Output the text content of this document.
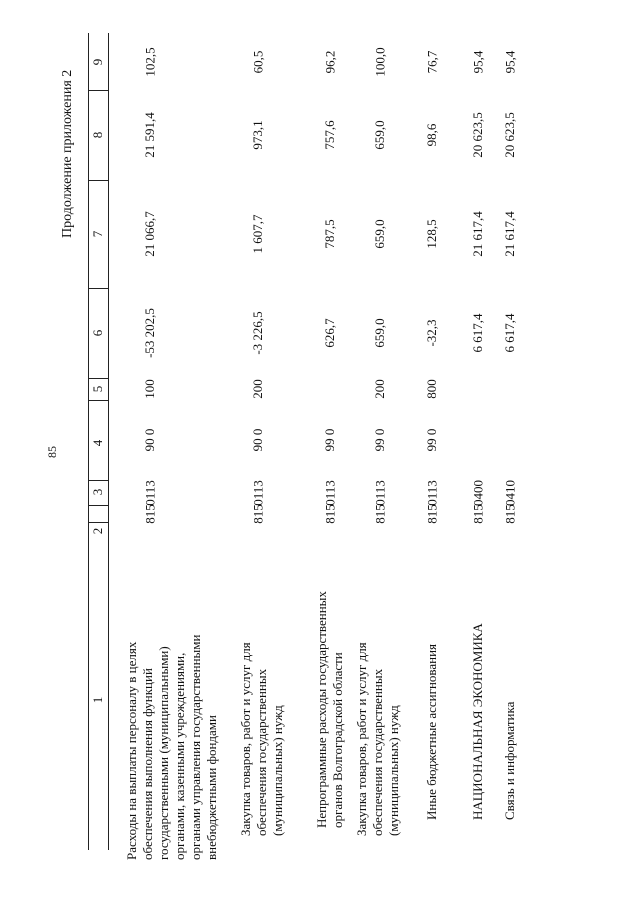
85
Продолжение приложения 2
1
2
3
4
5
6
7
8
9
Расходы на выплаты персоналу в целях обеспечения выполнения функций государственными (муниципальными) органами, казенными учреждениями, органами управления государственными внебюджетными фондами
815
0113
90 0
100
-53 202,5
21 066,7
21 591,4
102,5
Закупка товаров, работ и услуг для обеспечения государственных (муниципальных) нужд
815
0113
90 0
200
-3 226,5
1 607,7
973,1
60,5
Непрограммные расходы государственных органов Волгоградской области
815
0113
99 0
626,7
787,5
757,6
96,2
Закупка товаров, работ и услуг для обеспечения государственных (муниципальных) нужд
815
0113
99 0
200
659,0
659,0
659,0
100,0
Иные бюджетные ассигнования
815
0113
99 0
800
-32,3
128,5
98,6
76,7
НАЦИОНАЛЬНАЯ ЭКОНОМИКА
815
0400
6 617,4
21 617,4
20 623,5
95,4
Связь и информатика
815
0410
6 617,4
21 617,4
20 623,5
95,4
